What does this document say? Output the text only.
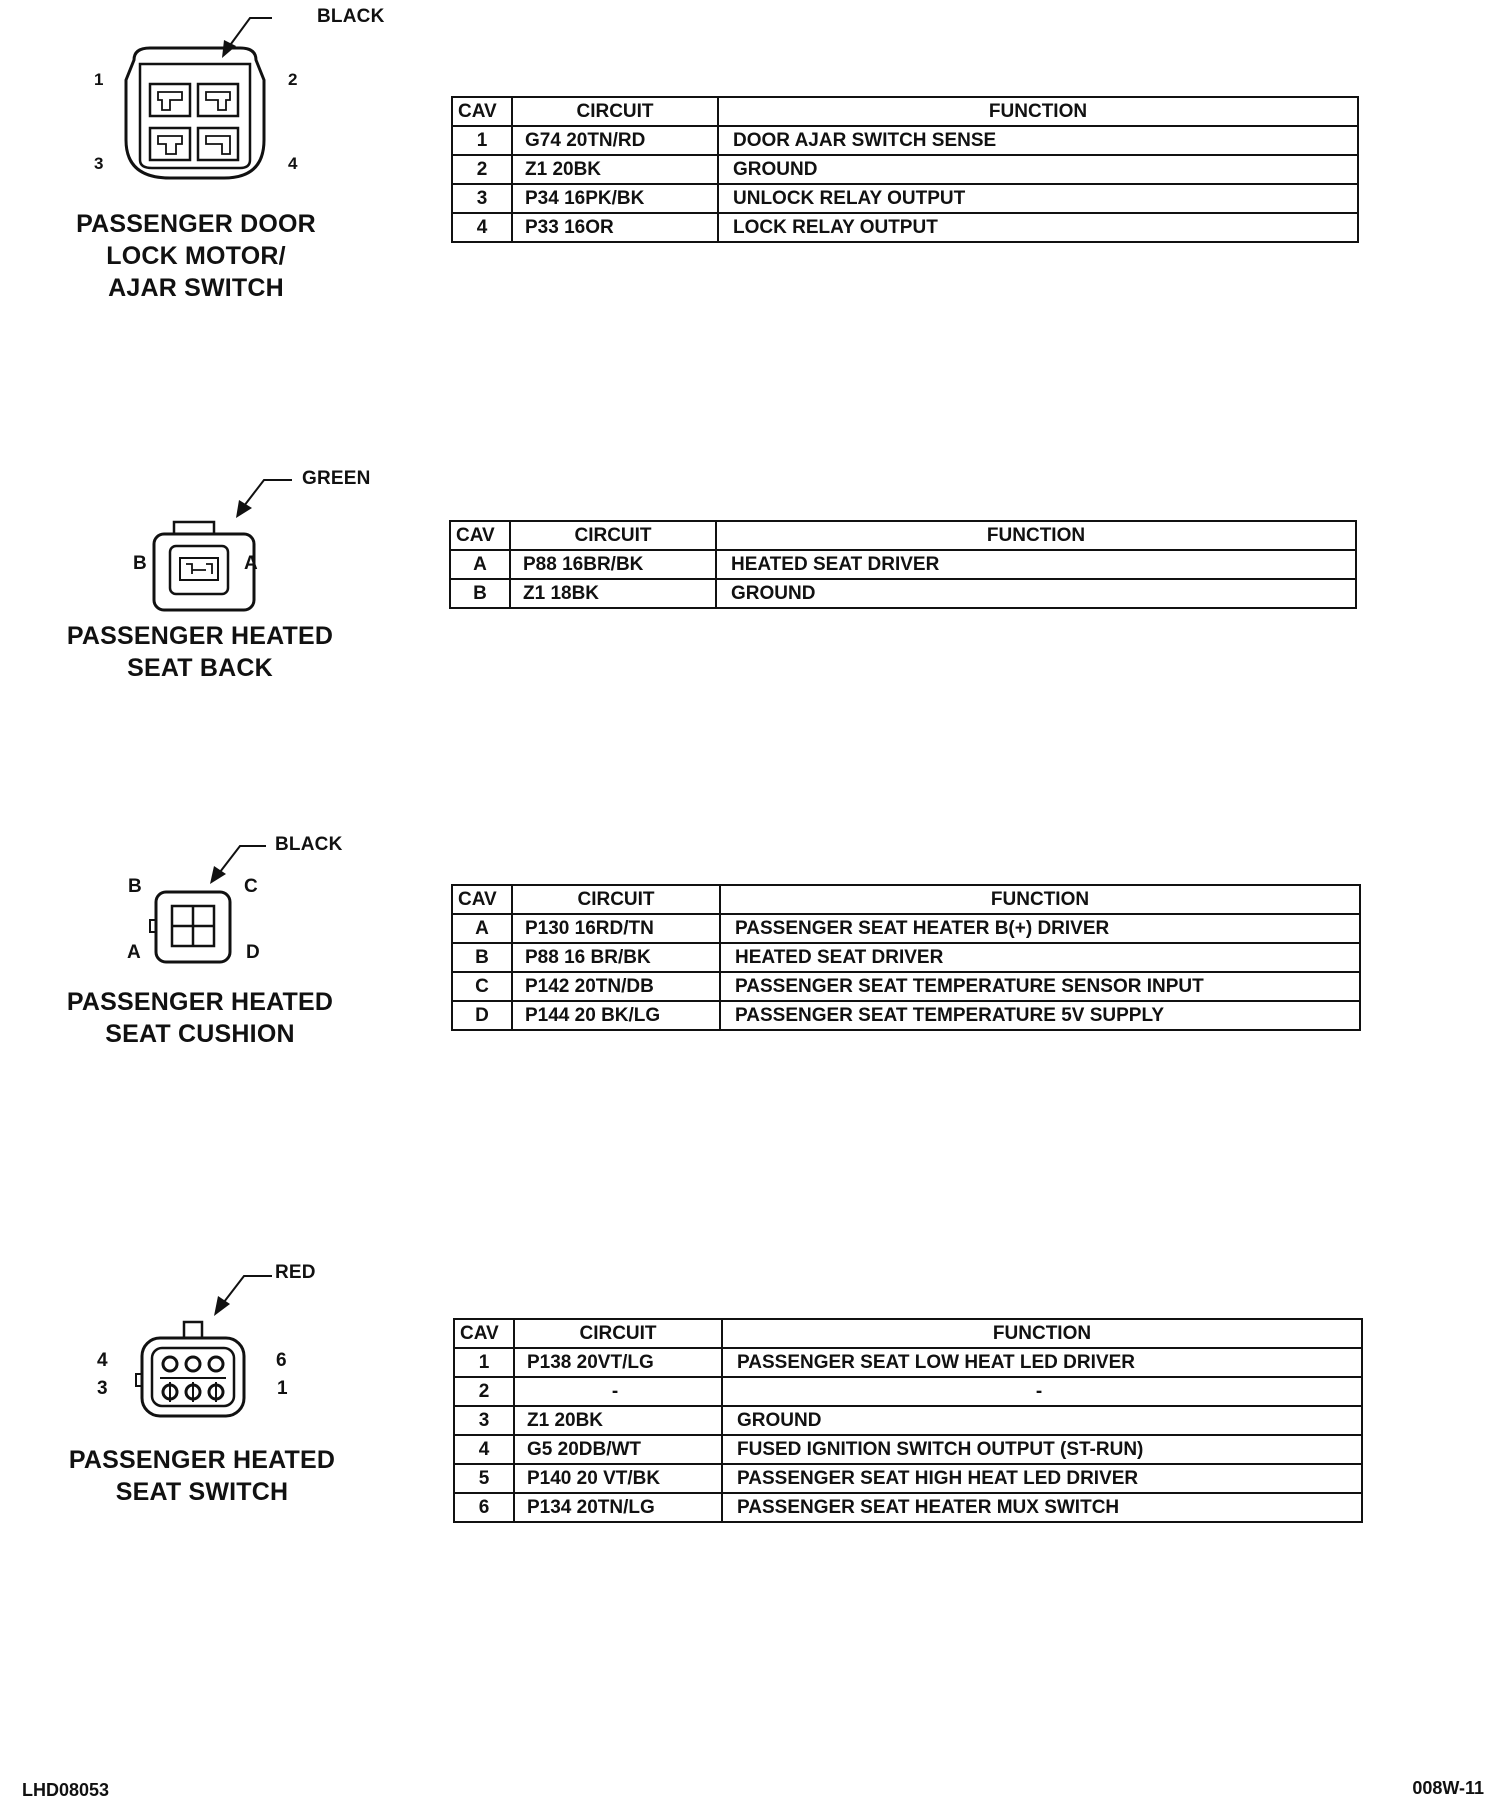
BLACK
1	2
3	4
PASSENGER DOOR
LOCK MOTOR/
AJAR SWITCH
CAV	CIRCUIT	FUNCTION
1	G74 20TN/RD	DOOR AJAR SWITCH SENSE
2	Z1 20BK	GROUND
3	P34 16PK/BK	UNLOCK RELAY OUTPUT
4	P33 16OR	LOCK RELAY OUTPUT
GREEN
B	A
PASSENGER HEATED
SEAT BACK
CAV	CIRCUIT	FUNCTION
A	P88 16BR/BK	HEATED SEAT DRIVER
B	Z1 18BK	GROUND
BLACK
B	C
A	D
PASSENGER HEATED
SEAT CUSHION
CAV	CIRCUIT	FUNCTION
A	P130 16RD/TN	PASSENGER SEAT HEATER B(+) DRIVER
B	P88 16 BR/BK	HEATED SEAT DRIVER
C	P142 20TN/DB	PASSENGER SEAT TEMPERATURE SENSOR INPUT
D	P144 20 BK/LG	PASSENGER SEAT TEMPERATURE 5V SUPPLY
RED
4	6
3	1
PASSENGER HEATED
SEAT SWITCH
CAV	CIRCUIT	FUNCTION
1	P138 20VT/LG	PASSENGER SEAT LOW HEAT LED DRIVER
2	-	-
3	Z1 20BK	GROUND
4	G5 20DB/WT	FUSED IGNITION SWITCH OUTPUT (ST-RUN)
5	P140 20 VT/BK	PASSENGER SEAT HIGH HEAT LED DRIVER
6	P134 20TN/LG	PASSENGER SEAT HEATER MUX SWITCH
LHD08053	008W-11
